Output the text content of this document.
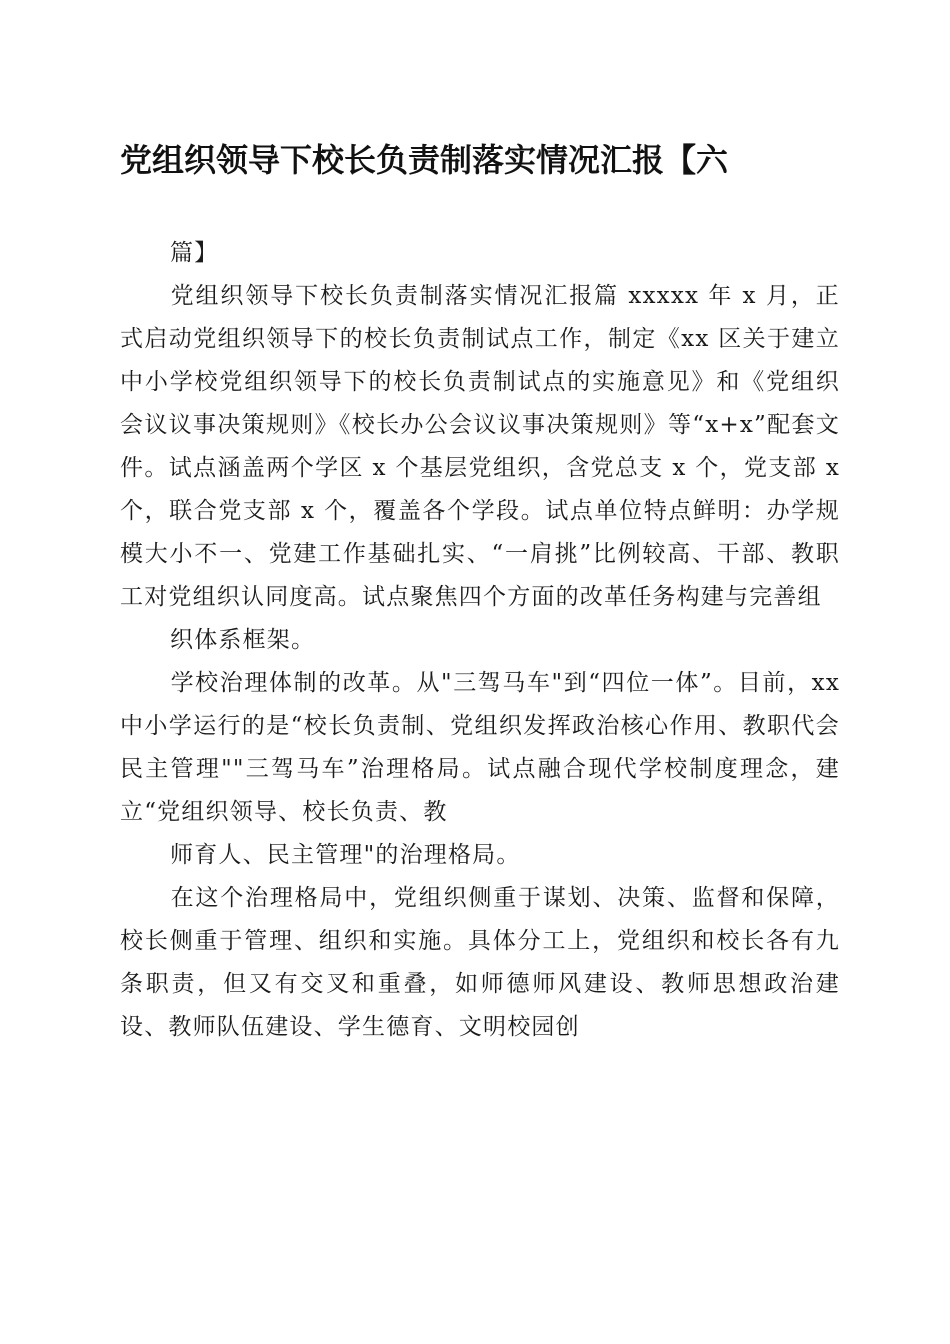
党组织领导下校长负责制落实情况汇报【六

篇】

党组织领导下校长负责制落实情况汇报篇 xxxxx 年 x 月，正式启动党组织领导下的校长负责制试点工作，制定《xx 区关于建立中小学校党组织领导下的校长负责制试点的实施意见》和《党组织会议议事决策规则》《校长办公会议议事决策规则》等“x+x”配套文件。试点涵盖两个学区 x 个基层党组织，含党总支 x 个，党支部 x 个，联合党支部 x 个，覆盖各个学段。试点单位特点鲜明：办学规模大小不一、党建工作基础扎实、“一肩挑”比例较高、干部、教职工对党组织认同度高。试点聚焦四个方面的改革任务构建与完善组

织体系框架。

学校治理体制的改革。从"三驾马车"到“四位一体”。目前，xx 中小学运行的是“校长负责制、党组织发挥政治核心作用、教职代会民主管理""三驾马车”治理格局。试点融合现代学校制度理念，建立“党组织领导、校长负责、教

师育人、民主管理"的治理格局。

在这个治理格局中，党组织侧重于谋划、决策、监督和保障，校长侧重于管理、组织和实施。具体分工上，党组织和校长各有九条职责，但又有交叉和重叠，如师德师风建设、教师思想政治建设、教师队伍建设、学生德育、文明校园创
